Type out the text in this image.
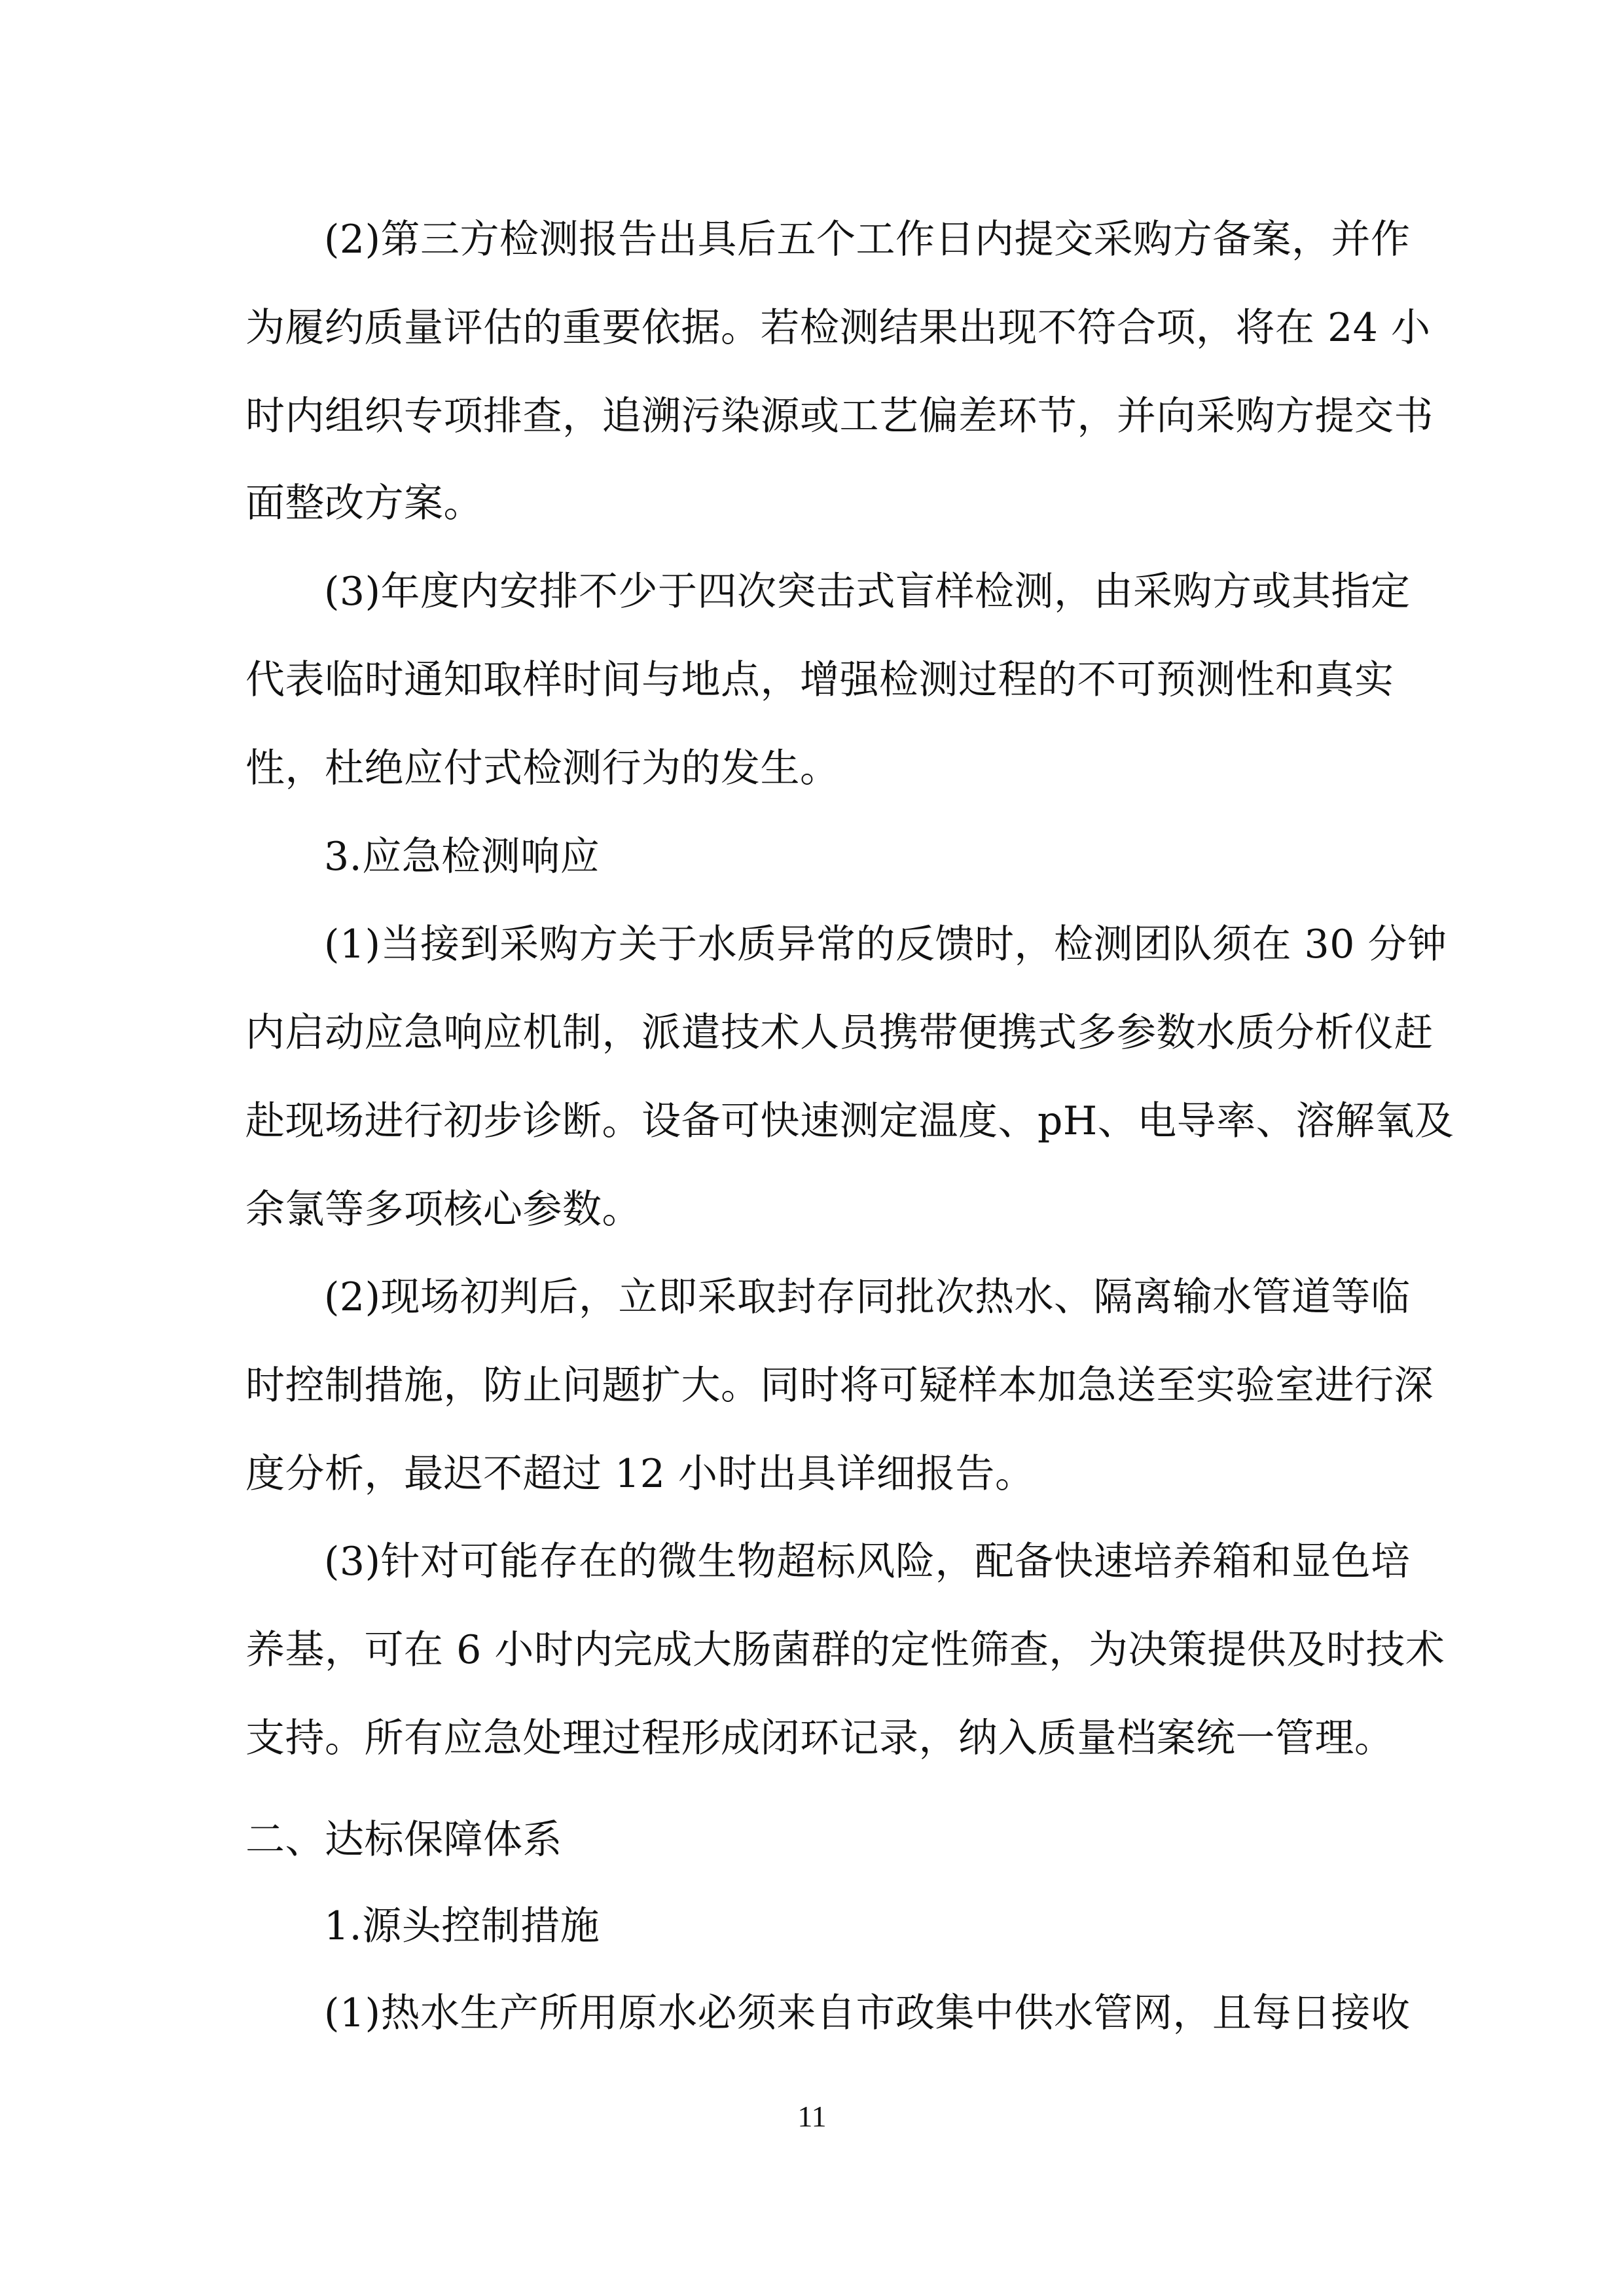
(2)第三方检测报告出具后五个工作日内提交采购方备案，并作
为履约质量评估的重要依据。若检测结果出现不符合项，将在 24 小
时内组织专项排查，追溯污染源或工艺偏差环节，并向采购方提交书
面整改方案。
(3)年度内安排不少于四次突击式盲样检测，由采购方或其指定
代表临时通知取样时间与地点，增强检测过程的不可预测性和真实
性，杜绝应付式检测行为的发生。
3.应急检测响应
(1)当接到采购方关于水质异常的反馈时，检测团队须在 30 分钟
内启动应急响应机制，派遣技术人员携带便携式多参数水质分析仪赶
赴现场进行初步诊断。设备可快速测定温度、pH、电导率、溶解氧及
余氯等多项核心参数。
(2)现场初判后，立即采取封存同批次热水、隔离输水管道等临
时控制措施，防止问题扩大。同时将可疑样本加急送至实验室进行深
度分析，最迟不超过 12 小时出具详细报告。
(3)针对可能存在的微生物超标风险，配备快速培养箱和显色培
养基，可在 6 小时内完成大肠菌群的定性筛查，为决策提供及时技术
支持。所有应急处理过程形成闭环记录，纳入质量档案统一管理。
二、达标保障体系
1.源头控制措施
(1)热水生产所用原水必须来自市政集中供水管网，且每日接收
11
